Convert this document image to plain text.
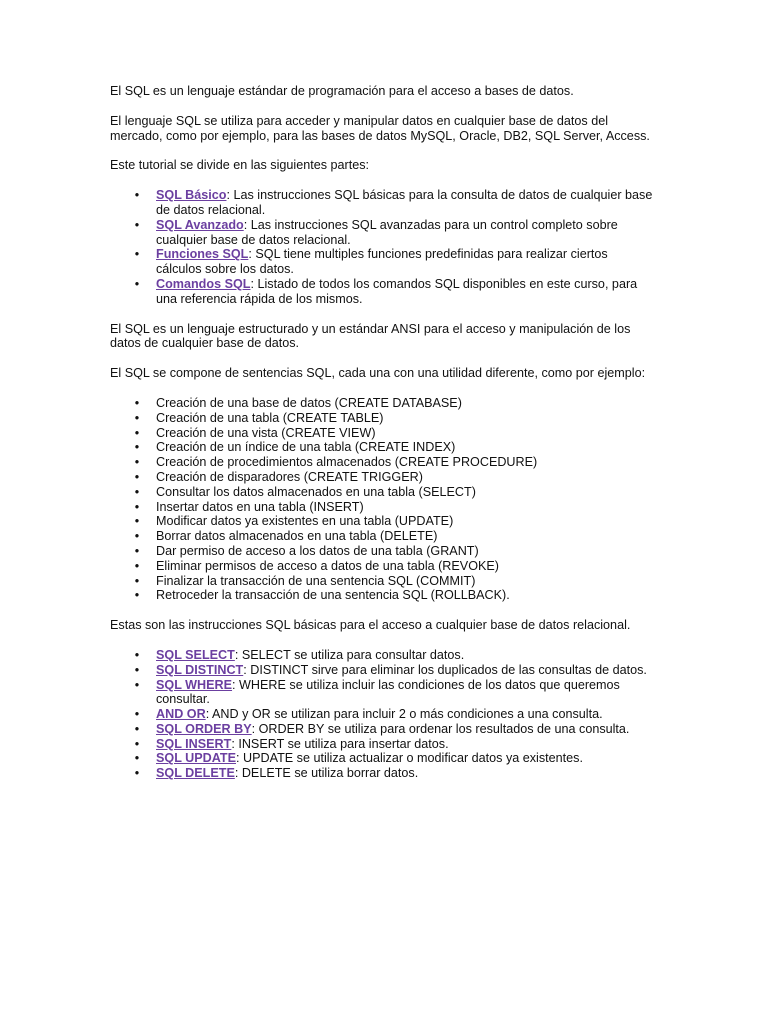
El SQL es un lenguaje estándar de programación para el acceso a bases de datos.

El lenguaje SQL se utiliza para acceder y manipular datos en cualquier base de datos del mercado, como por ejemplo, para las bases de datos MySQL, Oracle, DB2, SQL Server, Access.

Este tutorial se divide en las siguientes partes:

• SQL Básico: Las instrucciones SQL básicas para la consulta de datos de cualquier base de datos relacional.
• SQL Avanzado: Las instrucciones SQL avanzadas para un control completo sobre cualquier base de datos relacional.
• Funciones SQL: SQL tiene multiples funciones predefinidas para realizar ciertos cálculos sobre los datos.
• Comandos SQL: Listado de todos los comandos SQL disponibles en este curso, para una referencia rápida de los mismos.

El SQL es un lenguaje estructurado y un estándar ANSI para el acceso y manipulación de los datos de cualquier base de datos.

El SQL se compone de sentencias SQL, cada una con una utilidad diferente, como por ejemplo:

• Creación de una base de datos (CREATE DATABASE)
• Creación de una tabla (CREATE TABLE)
• Creación de una vista (CREATE VIEW)
• Creación de un índice de una tabla (CREATE INDEX)
• Creación de procedimientos almacenados (CREATE PROCEDURE)
• Creación de disparadores (CREATE TRIGGER)
• Consultar los datos almacenados en una tabla (SELECT)
• Insertar datos en una tabla (INSERT)
• Modificar datos ya existentes en una tabla (UPDATE)
• Borrar datos almacenados en una tabla (DELETE)
• Dar permiso de acceso a los datos de una tabla (GRANT)
• Eliminar permisos de acceso a datos de una tabla (REVOKE)
• Finalizar la transacción de una sentencia SQL (COMMIT)
• Retroceder la transacción de una sentencia SQL (ROLLBACK).

Estas son las instrucciones SQL básicas para el acceso a cualquier base de datos relacional.

• SQL SELECT: SELECT se utiliza para consultar datos.
• SQL DISTINCT: DISTINCT sirve para eliminar los duplicados de las consultas de datos.
• SQL WHERE: WHERE se utiliza incluir las condiciones de los datos que queremos consultar.
• AND OR: AND y OR se utilizan para incluir 2 o más condiciones a una consulta.
• SQL ORDER BY: ORDER BY se utiliza para ordenar los resultados de una consulta.
• SQL INSERT: INSERT se utiliza para insertar datos.
• SQL UPDATE: UPDATE se utiliza actualizar o modificar datos ya existentes.
• SQL DELETE: DELETE se utiliza borrar datos.
